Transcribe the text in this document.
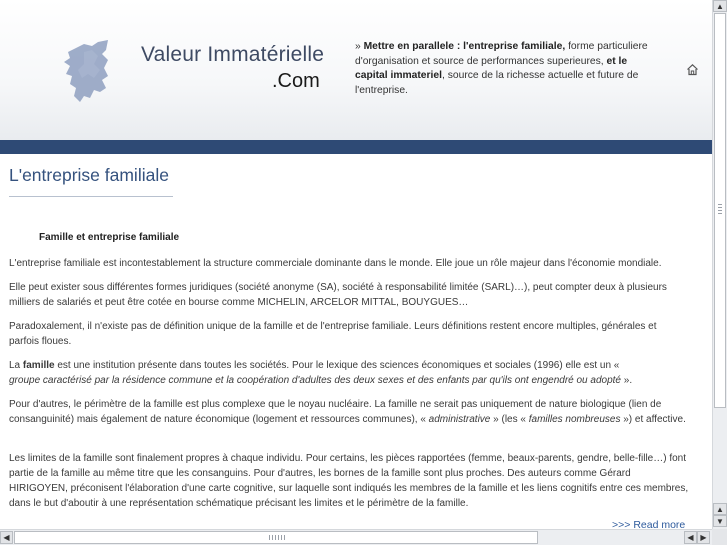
Valeur Immatérielle
.Com
» Mettre en parallele : l'entreprise familiale, forme particuliere d'organisation et source de performances superieures, et le capital immateriel, source de la richesse actuelle et future de l'entreprise.
L'entreprise familiale
Famille et entreprise familiale

L'entreprise familiale est incontestablement la structure commerciale dominante dans le monde. Elle joue un rôle majeur dans l'économie mondiale.

Elle peut exister sous différentes formes juridiques (société anonyme (SA), société à responsabilité limitée (SARL)…), peut compter deux à plusieurs milliers de salariés et peut être cotée en bourse comme MICHELIN, ARCELOR MITTAL, BOUYGUES…

Paradoxalement, il n'existe pas de définition unique de la famille et de l'entreprise familiale. Leurs définitions restent encore multiples, générales et parfois floues.

La famille est une institution présente dans toutes les sociétés. Pour le lexique des sciences économiques et sociales (1996) elle est un «
groupe caractérisé par la résidence commune et la coopération d'adultes des deux sexes et des enfants par qu'ils ont engendré ou adopté ».

Pour d'autres, le périmètre de la famille est plus complexe que le noyau nucléaire. La famille ne serait pas uniquement de nature biologique (lien de consanguinité) mais également de nature économique (logement et ressources communes), « administrative » (les « familles nombreuses ») et affective.

Les limites de la famille sont finalement propres à chaque individu. Pour certains, les pièces rapportées (femme, beaux-parents, gendre, belle-fille…) font partie de la famille au même titre que les consanguins. Pour d'autres, les bornes de la famille sont plus proches. Des auteurs comme Gérard HIRIGOYEN, préconisent l'élaboration d'une carte cognitive, sur laquelle sont indiqués les membres de la famille et les liens cognitifs entre ces membres, dans le but d'aboutir à une représentation schématique précisant les limites et le périmètre de la famille.

>>> Read more
▲
▲
▼
◀	◀ ▶
